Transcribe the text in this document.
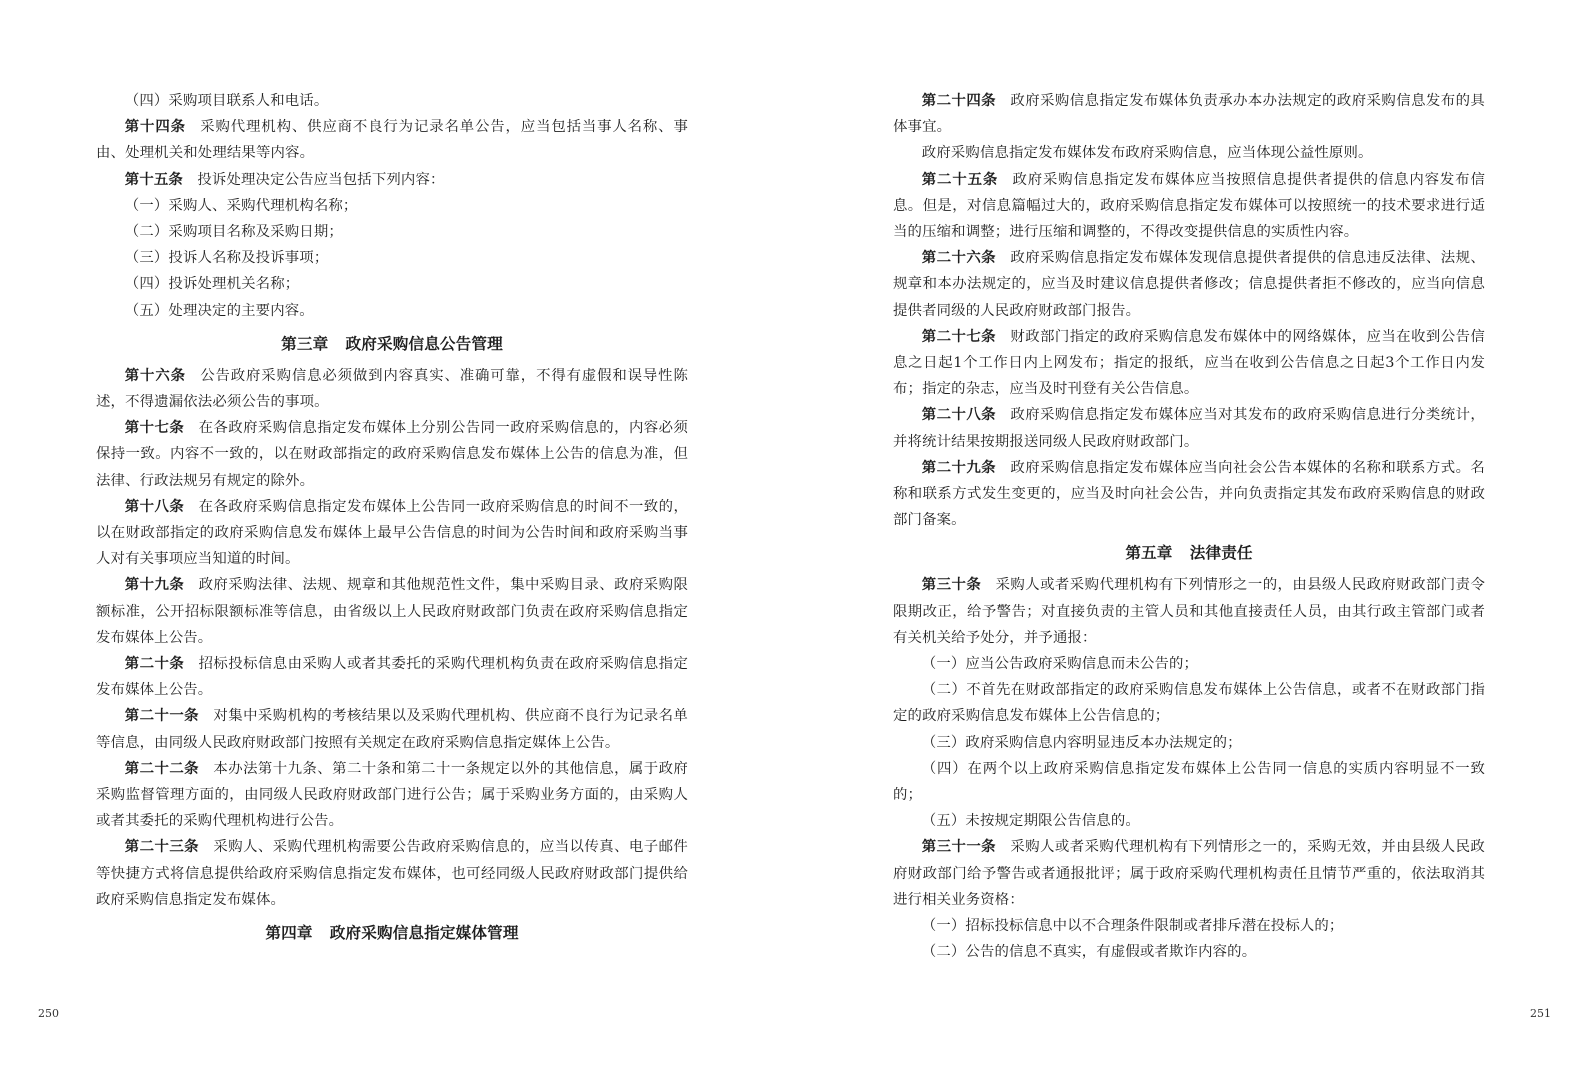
（四）采购项目联系人和电话。

第十四条 采购代理机构、供应商不良行为记录名单公告，应当包括当事人名称、事由、处理机关和处理结果等内容。

第十五条 投诉处理决定公告应当包括下列内容：

（一）采购人、采购代理机构名称；

（二）采购项目名称及采购日期；

（三）投诉人名称及投诉事项；

（四）投诉处理机关名称；

（五）处理决定的主要内容。

第三章 政府采购信息公告管理

第十六条 公告政府采购信息必须做到内容真实、准确可靠，不得有虚假和误导性陈述，不得遗漏依法必须公告的事项。

第十七条 在各政府采购信息指定发布媒体上分别公告同一政府采购信息的，内容必须保持一致。内容不一致的，以在财政部指定的政府采购信息发布媒体上公告的信息为准，但法律、行政法规另有规定的除外。

第十八条 在各政府采购信息指定发布媒体上公告同一政府采购信息的时间不一致的，以在财政部指定的政府采购信息发布媒体上最早公告信息的时间为公告时间和政府采购当事人对有关事项应当知道的时间。

第十九条 政府采购法律、法规、规章和其他规范性文件，集中采购目录、政府采购限额标准，公开招标限额标准等信息，由省级以上人民政府财政部门负责在政府采购信息指定发布媒体上公告。

第二十条 招标投标信息由采购人或者其委托的采购代理机构负责在政府采购信息指定发布媒体上公告。

第二十一条 对集中采购机构的考核结果以及采购代理机构、供应商不良行为记录名单等信息，由同级人民政府财政部门按照有关规定在政府采购信息指定媒体上公告。

第二十二条 本办法第十九条、第二十条和第二十一条规定以外的其他信息，属于政府采购监督管理方面的，由同级人民政府财政部门进行公告；属于采购业务方面的，由采购人或者其委托的采购代理机构进行公告。

第二十三条 采购人、采购代理机构需要公告政府采购信息的，应当以传真、电子邮件等快捷方式将信息提供给政府采购信息指定发布媒体，也可经同级人民政府财政部门提供给政府采购信息指定发布媒体。

第四章 政府采购信息指定媒体管理
250

第二十四条 政府采购信息指定发布媒体负责承办本办法规定的政府采购信息发布的具体事宜。

政府采购信息指定发布媒体发布政府采购信息，应当体现公益性原则。

第二十五条 政府采购信息指定发布媒体应当按照信息提供者提供的信息内容发布信息。但是，对信息篇幅过大的，政府采购信息指定发布媒体可以按照统一的技术要求进行适当的压缩和调整；进行压缩和调整的，不得改变提供信息的实质性内容。

第二十六条 政府采购信息指定发布媒体发现信息提供者提供的信息违反法律、法规、规章和本办法规定的，应当及时建议信息提供者修改；信息提供者拒不修改的，应当向信息提供者同级的人民政府财政部门报告。

第二十七条 财政部门指定的政府采购信息发布媒体中的网络媒体，应当在收到公告信息之日起1个工作日内上网发布；指定的报纸，应当在收到公告信息之日起3个工作日内发布；指定的杂志，应当及时刊登有关公告信息。

第二十八条 政府采购信息指定发布媒体应当对其发布的政府采购信息进行分类统计，并将统计结果按期报送同级人民政府财政部门。

第二十九条 政府采购信息指定发布媒体应当向社会公告本媒体的名称和联系方式。名称和联系方式发生变更的，应当及时向社会公告，并向负责指定其发布政府采购信息的财政部门备案。

第五章 法律责任

第三十条 采购人或者采购代理机构有下列情形之一的，由县级人民政府财政部门责令限期改正，给予警告；对直接负责的主管人员和其他直接责任人员，由其行政主管部门或者有关机关给予处分，并予通报：

（一）应当公告政府采购信息而未公告的；

（二）不首先在财政部指定的政府采购信息发布媒体上公告信息，或者不在财政部门指定的政府采购信息发布媒体上公告信息的；

（三）政府采购信息内容明显违反本办法规定的；

（四）在两个以上政府采购信息指定发布媒体上公告同一信息的实质内容明显不一致的；

（五）未按规定期限公告信息的。

第三十一条 采购人或者采购代理机构有下列情形之一的，采购无效，并由县级人民政府财政部门给予警告或者通报批评；属于政府采购代理机构责任且情节严重的，依法取消其进行相关业务资格：

（一）招标投标信息中以不合理条件限制或者排斥潜在投标人的；

（二）公告的信息不真实，有虚假或者欺诈内容的。

251
